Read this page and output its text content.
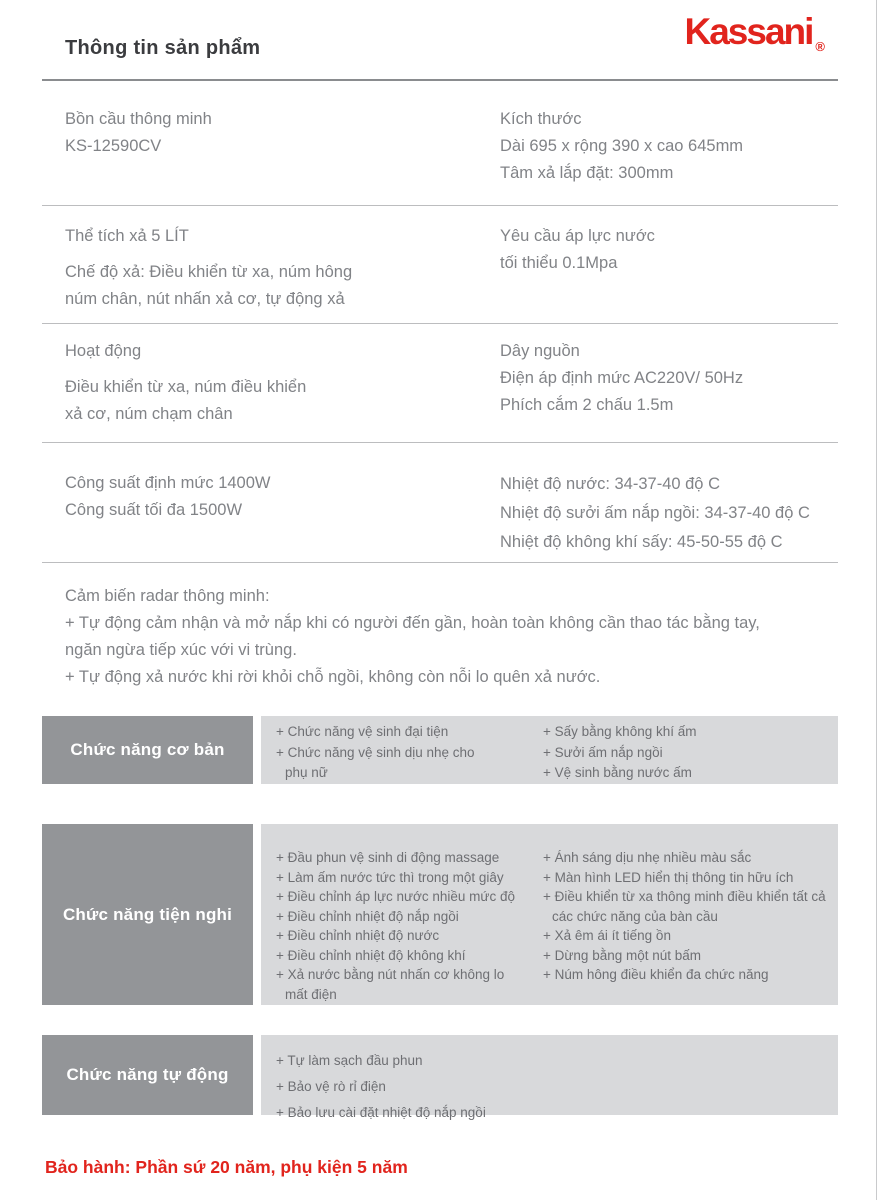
Thông tin sản phẩm	Kassani ®
Bồn cầu thông minh
KS-12590CV
Kích thước
Dài 695 x rộng 390 x cao 645mm
Tâm xả lắp đặt: 300mm
Thể tích xả 5 LÍT
Chế độ xả: Điều khiển từ xa, núm hông
núm chân, nút nhấn xả cơ, tự động xả
Yêu cầu áp lực nước
tối thiểu 0.1Mpa
Hoạt động
Điều khiển từ xa, núm điều khiển
xả cơ, núm chạm chân
Dây nguồn
Điện áp định mức AC220V/ 50Hz
Phích cắm 2 chấu 1.5m
Công suất định mức 1400W
Công suất tối đa 1500W
Nhiệt độ nước: 34-37-40 độ C
Nhiệt độ sưởi ấm nắp ngồi: 34-37-40 độ C
Nhiệt độ không khí sấy: 45-50-55 độ C
Cảm biến radar thông minh:
+ Tự động cảm nhận và mở nắp khi có người đến gần, hoàn toàn không cần thao tác bằng tay,
ngăn ngừa tiếp xúc với vi trùng.
+ Tự động xả nước khi rời khỏi chỗ ngồi, không còn nỗi lo quên xả nước.
Chức năng cơ bản
+ Chức năng vệ sinh đại tiện
+ Chức năng vệ sinh dịu nhẹ cho phụ nữ
+ Sấy bằng không khí ấm
+ Sưởi ấm nắp ngồi
+ Vệ sinh bằng nước ấm
Chức năng tiện nghi
+ Đầu phun vệ sinh di động massage
+ Làm ấm nước tức thì trong một giây
+ Điều chỉnh áp lực nước nhiều mức độ
+ Điều chỉnh nhiệt độ nắp ngồi
+ Điều chỉnh nhiệt độ nước
+ Điều chỉnh nhiệt độ không khí
+ Xả nước bằng nút nhấn cơ không lo mất điện
+ Ánh sáng dịu nhẹ nhiều màu sắc
+ Màn hình LED hiển thị thông tin hữu ích
+ Điều khiển từ xa thông minh điều khiển tất cả các chức năng của bàn cầu
+ Xả êm ái ít tiếng ồn
+ Dừng bằng một nút bấm
+ Núm hông điều khiển đa chức năng
Chức năng tự động
+ Tự làm sạch đầu phun
+ Bảo vệ rò rỉ điện
+ Bảo lưu cài đặt nhiệt độ nắp ngồi
Bảo hành: Phần sứ 20 năm, phụ kiện 5 năm
